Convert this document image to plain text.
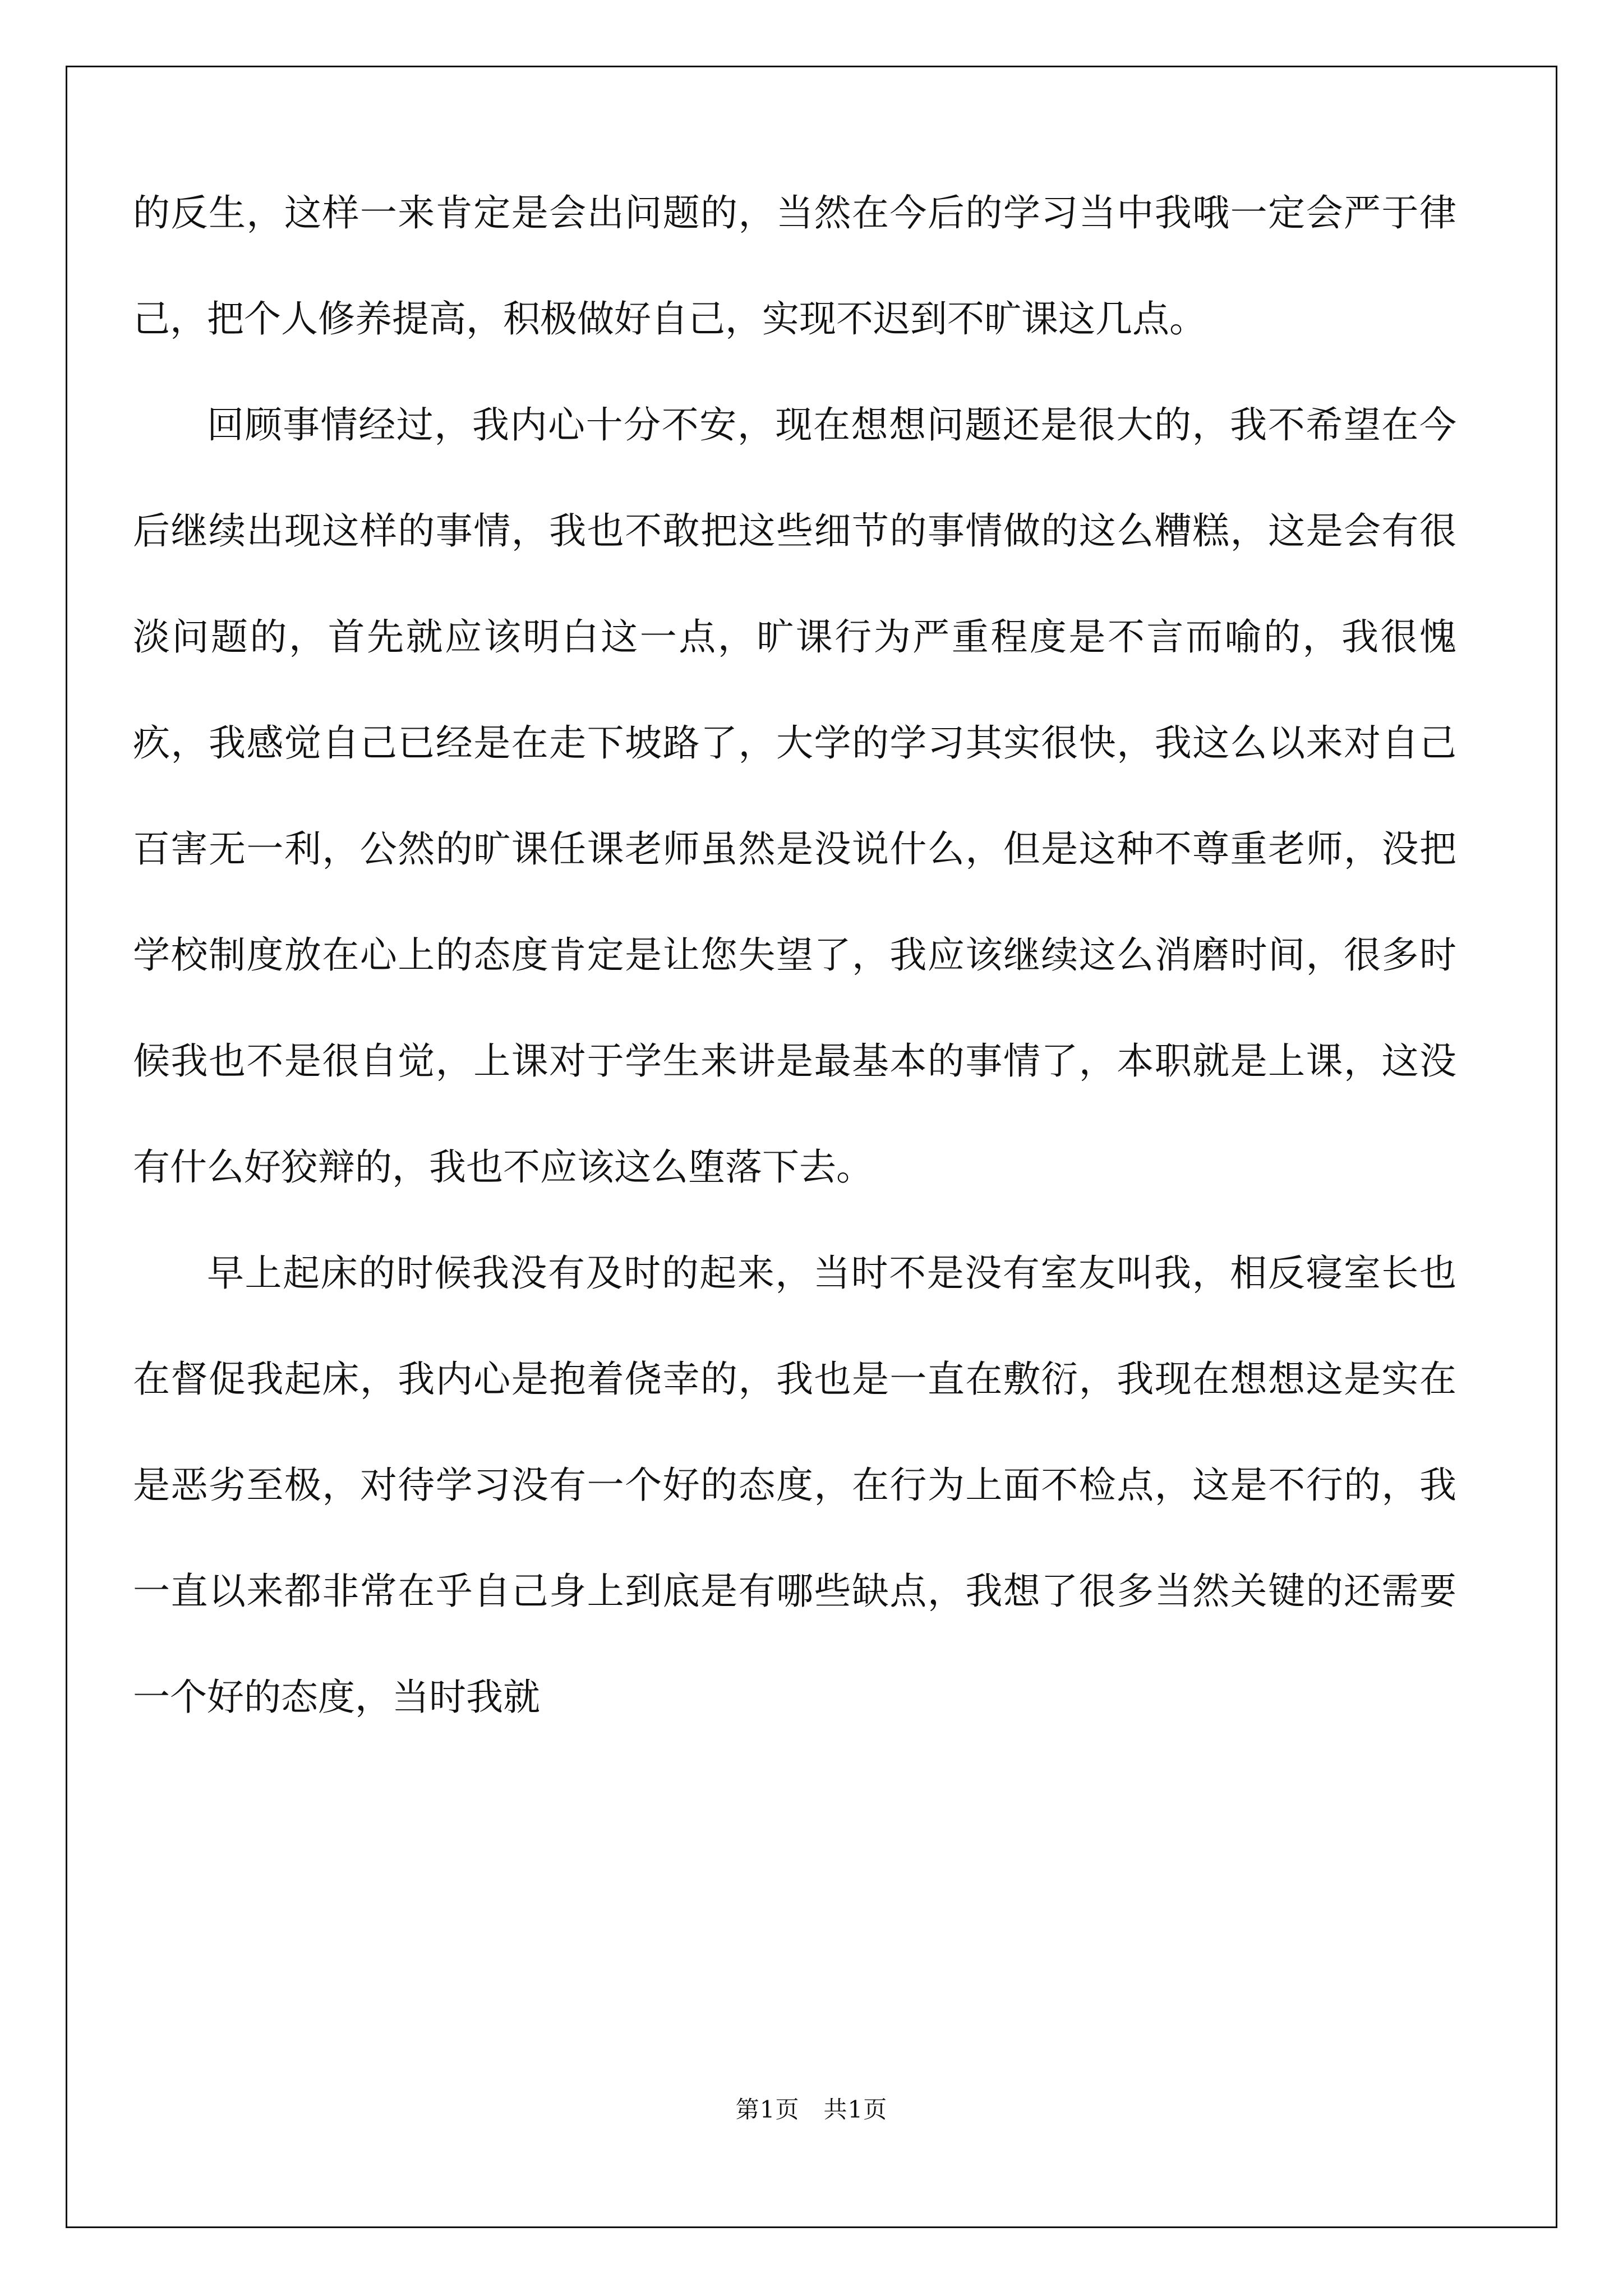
的反生，这样一来肯定是会出问题的，当然在今后的学习当中我哦一定会严于律己，把个人修养提高，积极做好自己，实现不迟到不旷课这几点。

回顾事情经过，我内心十分不安，现在想想问题还是很大的，我不希望在今后继续出现这样的事情，我也不敢把这些细节的事情做的这么糟糕，这是会有很淡问题的，首先就应该明白这一点，旷课行为严重程度是不言而喻的，我很愧疚，我感觉自己已经是在走下坡路了，大学的学习其实很快，我这么以来对自己百害无一利，公然的旷课任课老师虽然是没说什么，但是这种不尊重老师，没把学校制度放在心上的态度肯定是让您失望了，我应该继续这么消磨时间，很多时候我也不是很自觉，上课对于学生来讲是最基本的事情了，本职就是上课，这没有什么好狡辩的，我也不应该这么堕落下去。

早上起床的时候我没有及时的起来，当时不是没有室友叫我，相反寝室长也在督促我起床，我内心是抱着侥幸的，我也是一直在敷衍，我现在想想这是实在是恶劣至极，对待学习没有一个好的态度，在行为上面不检点，这是不行的，我一直以来都非常在乎自己身上到底是有哪些缺点，我想了很多当然关键的还需要一个好的态度，当时我就

第1页　共1页
